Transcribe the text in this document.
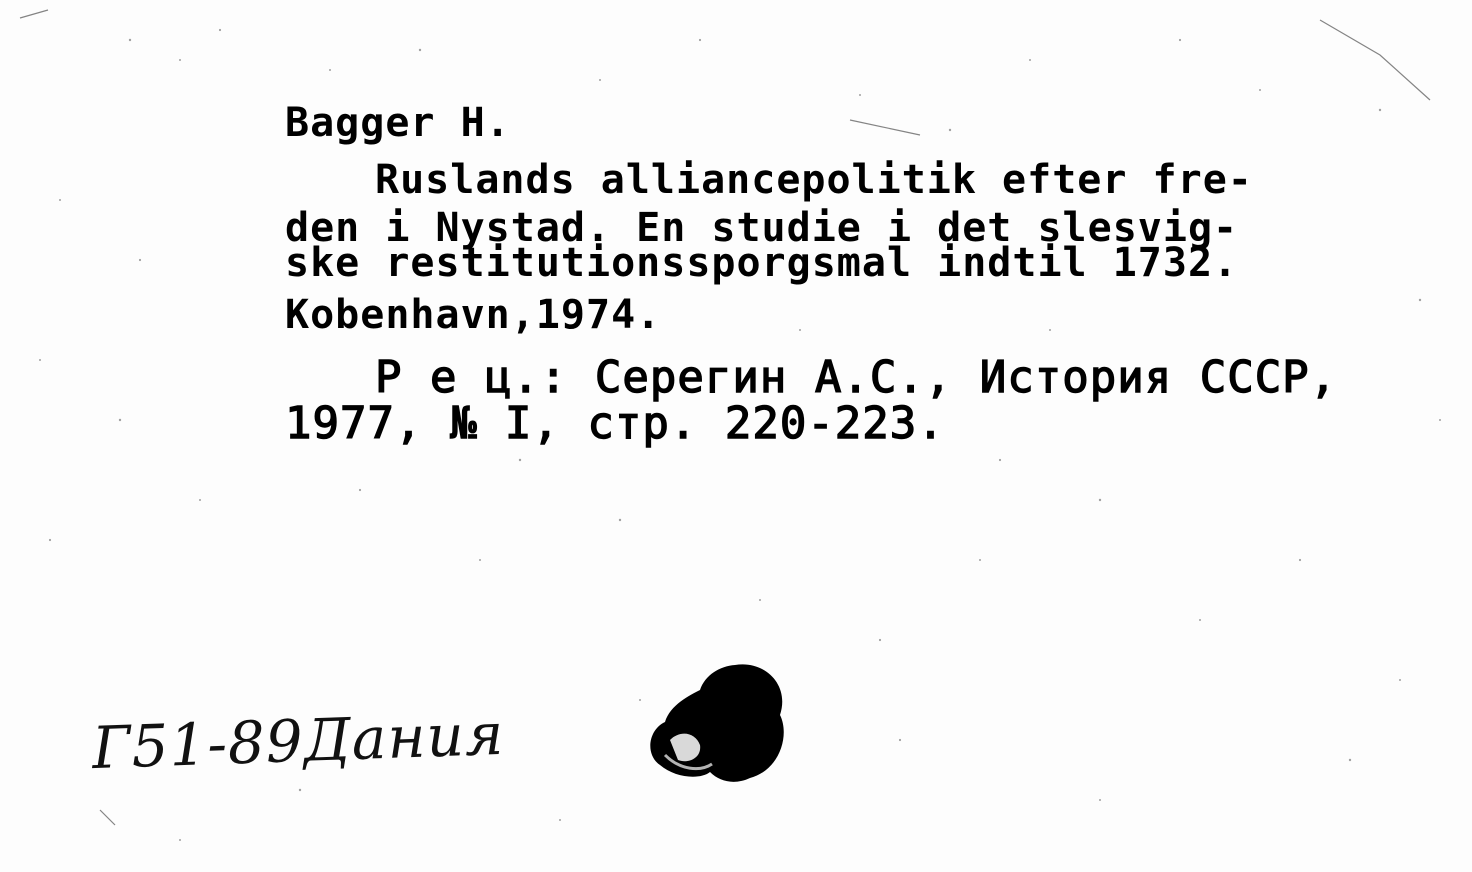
Bagger H.
Ruslands alliancepolitik efter fre-
den i Nystad. En studie i det slesvig-
ske restitutionssporgsmal indtil 1732.
Kobenhavn,1974.
Р е ц.: Серегин А.С., История СССР,
1977, № I, стр. 220-223.
Г51-89Дания
